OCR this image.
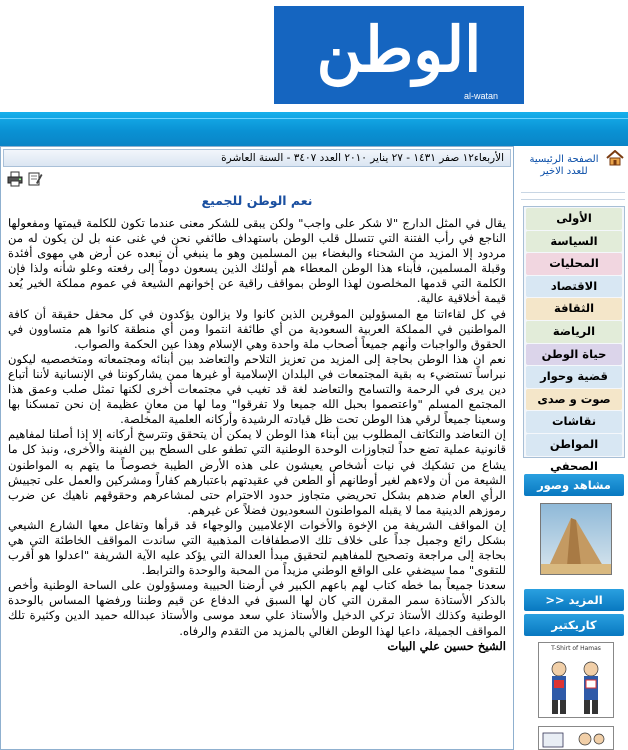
الوطن
al-watan
الأربعاء١٢ صفر ١٤٣١ - ٢٧ يناير ٢٠١٠ العدد ٣٤٠٧ - السنة العاشرة
نعم الوطن للجميع

يقال في المثل الدارج "لا شكر على واجب" ولكن يبقى للشكر معنى عندما تكون للكلمة قيمتها ومفعولها الناجع في رأب الفتنة التي تتسلل قلب الوطن باستهداف طائفي نحن في غنى عنه بل لن يكون له من مردود إلا المزيد من الشحناء والبغضاء بين المسلمين وهو ما ينبغي أن نبعده عن أرض هي مهوى أفئدة وقبلة المسلمين، فأبناء هذا الوطن المعطاء هم أولئك الذين يسعون دوماً إلى رفعته وعلو شأنه ولذا فإن الكلمة التي قدمها المخلصون لهذا الوطن بمواقف راقية عن إخوانهم الشيعة في عموم مملكة الخير يُعد قيمة أخلاقية عالية.

في كل لقاءاتنا مع المسؤولين الموقرين الذين كانوا ولا يزالون يؤكدون في كل محفل حقيقة أن كافة المواطنين في المملكة العربية السعودية من أي طائفة انتموا ومن أي منطقة كانوا هم متساوون في الحقوق والواجبات وأنهم جميعاً أصحاب ملة واحدة وهي الإسلام وهذا عين الحكمة والصواب.

نعم ان هذا الوطن بحاجة إلى المزيد من تعزيز التلاحم والتعاضد بين أبنائه ومجتمعاته ومتخصصيه ليكون نبراساً تستضيء به بقية المجتمعات في البلدان الإسلامية أو غيرها ممن يشاركوننا في الإنسانية لأننا أتباع دين يرى في الرحمة والتسامح والتعاضد لغة قد تغيب في مجتمعات أخرى لكنها تمثل صلب وعمق هذا المجتمع المسلم "واعتصموا بحبل الله جميعا ولا تفرقوا" وما لها من معانٍ عظيمة إن نحن تمسكنا بها وسعينا جميعاً لرقي هذا الوطن تحت ظل قيادته الرشيدة وأركانه العلمية المخلصة.

إن التعاضد والتكاتف المطلوب بين أبناء هذا الوطن لا يمكن أن يتحقق وتترسخ أركانه إلا إذا أصلنا لمفاهيم قانونية عملية تضع حداً لتجاوزات الوحدة الوطنية التي تطفو على السطح بين الفينة والأخرى، ونبذ كل ما يشاع من تشكيك في نيات أشخاص يعيشون على هذه الأرض الطيبة خصوصاً ما يتهم به المواطنون الشيعة من أن ولاءهم لغير أوطانهم أو الطعن في عقيدتهم باعتبارهم كفاراً ومشركين والعمل على تجييش الرأي العام ضدهم بشكل تحريضي متجاوز حدود الاحترام حتى لمشاعرهم وحقوقهم ناهيك عن ضرب رموزهم الدينية مما لا يقبله المواطنون السعوديون فضلاً عن غيرهم.

إن المواقف الشريفة من الإخوة والأخوات الإعلاميين والوجهاء قد قرأها وتفاعل معها الشارع الشيعي بشكل رائع وجميل جداً على خلاف تلك الاصطفافات المذهبية التي ساندت المواقف الخاطئة التي هي بحاجة إلى مراجعة وتصحيح للمفاهيم لتحقيق مبدأ العدالة التي يؤكد عليه الآية الشريفة "اعدلوا هو أقرب للتقوى" مما سيضفي على الواقع الوطني مزيداً من المحبة والوحدة والترابط.

سعدنا جميعاً بما خطه كتاب لهم باعهم الكبير في أرضنا الحبيبة ومسؤولون على الساحة الوطنية وأخص بالذكر الأستاذة سمر المقرن التي كان لها السبق في الدفاع عن قيم وطننا ورفضها المساس بالوحدة الوطنية وكذلك الأستاذ تركي الدخيل والأستاذ علي سعد موسى والأستاذ عبدالله حميد الدين وكثيرة تلك المواقف الجميلة، داعيا لهذا الوطن الغالي بالمزيد من التقدم والرفاه.

الشيخ حسين علي البيات

الصفحة الرئيسية للعدد الاخير
الأولى
السياسة
المحليات
الاقتصاد
الثقافة
الرياضة
حياة الوطن
قضية وحوار
صوت و صدى
نقاشات
المواطن الصحفي
مشاهد وصور
المزيد <<
كاريكتير
T-Shirt of Hamas
